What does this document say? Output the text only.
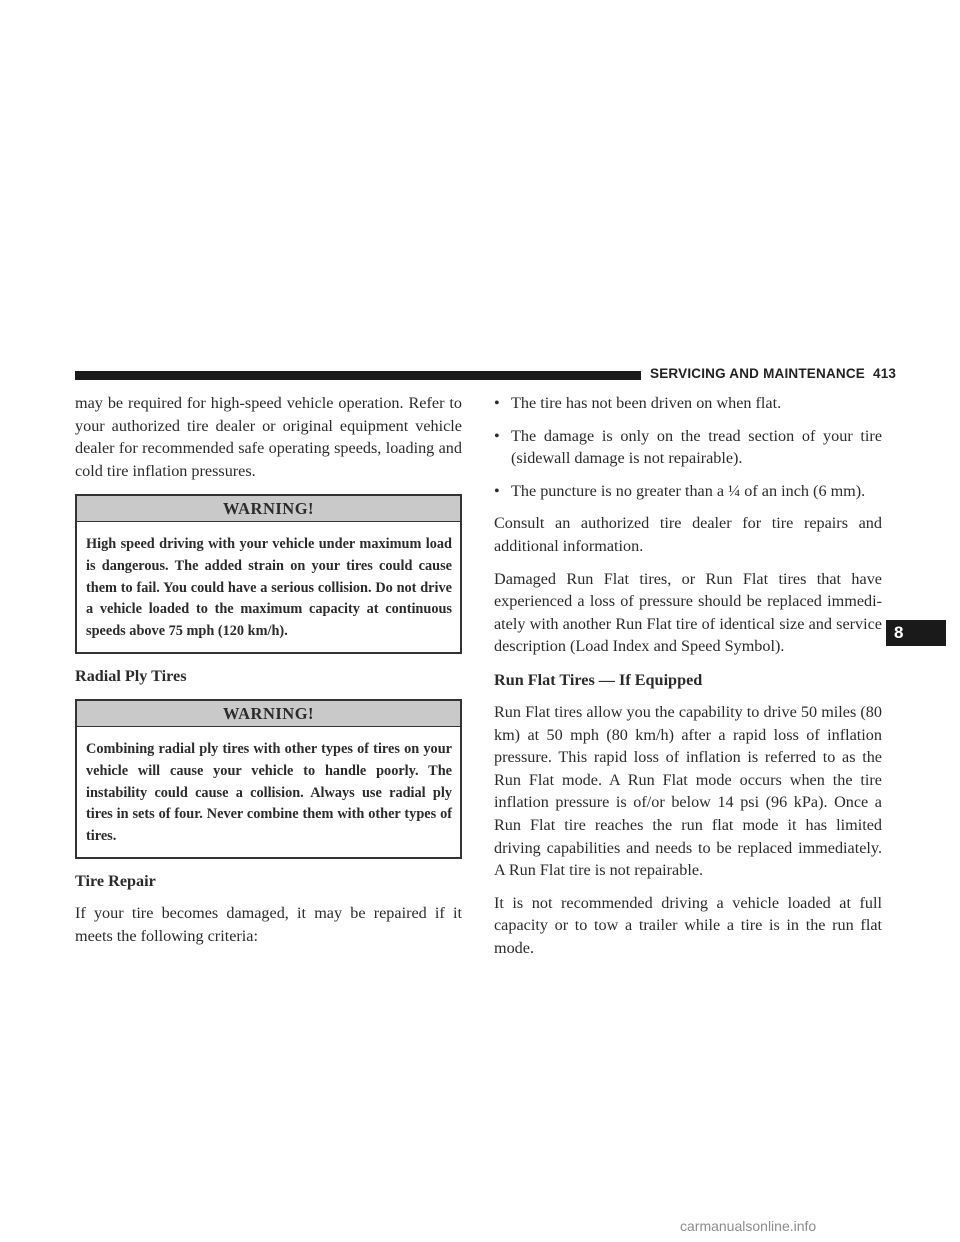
SERVICING AND MAINTENANCE 413

may be required for high-speed vehicle operation. Refer to your authorized tire dealer or original equipment vehicle dealer for recommended safe operating speeds, loading and cold tire inflation pressures.

WARNING!
High speed driving with your vehicle under maximum load is dangerous. The added strain on your tires could cause them to fail. You could have a serious collision. Do not drive a vehicle loaded to the maximum capacity at continuous speeds above 75 mph (120 km/h).
Radial Ply Tires
WARNING!
Combining radial ply tires with other types of tires on your vehicle will cause your vehicle to handle poorly. The instability could cause a collision. Always use radial ply tires in sets of four. Never combine them with other types of tires.
Tire Repair

If your tire becomes damaged, it may be repaired if it meets the following criteria:

• The tire has not been driven on when flat.
• The damage is only on the tread section of your tire (sidewall damage is not repairable).
• The puncture is no greater than a ¼ of an inch (6 mm).

Consult an authorized tire dealer for tire repairs and additional information.

Damaged Run Flat tires, or Run Flat tires that have experienced a loss of pressure should be replaced immedi-ately with another Run Flat tire of identical size and service description (Load Index and Speed Symbol).

Run Flat Tires — If Equipped

Run Flat tires allow you the capability to drive 50 miles (80 km) at 50 mph (80 km/h) after a rapid loss of inflation pressure. This rapid loss of inflation is referred to as the Run Flat mode. A Run Flat mode occurs when the tire inflation pressure is of/or below 14 psi (96 kPa). Once a Run Flat tire reaches the run flat mode it has limited driving capabilities and needs to be replaced immediately. A Run Flat tire is not repairable.

It is not recommended driving a vehicle loaded at full capacity or to tow a trailer while a tire is in the run flat mode.

8
carmanualsonline.info
